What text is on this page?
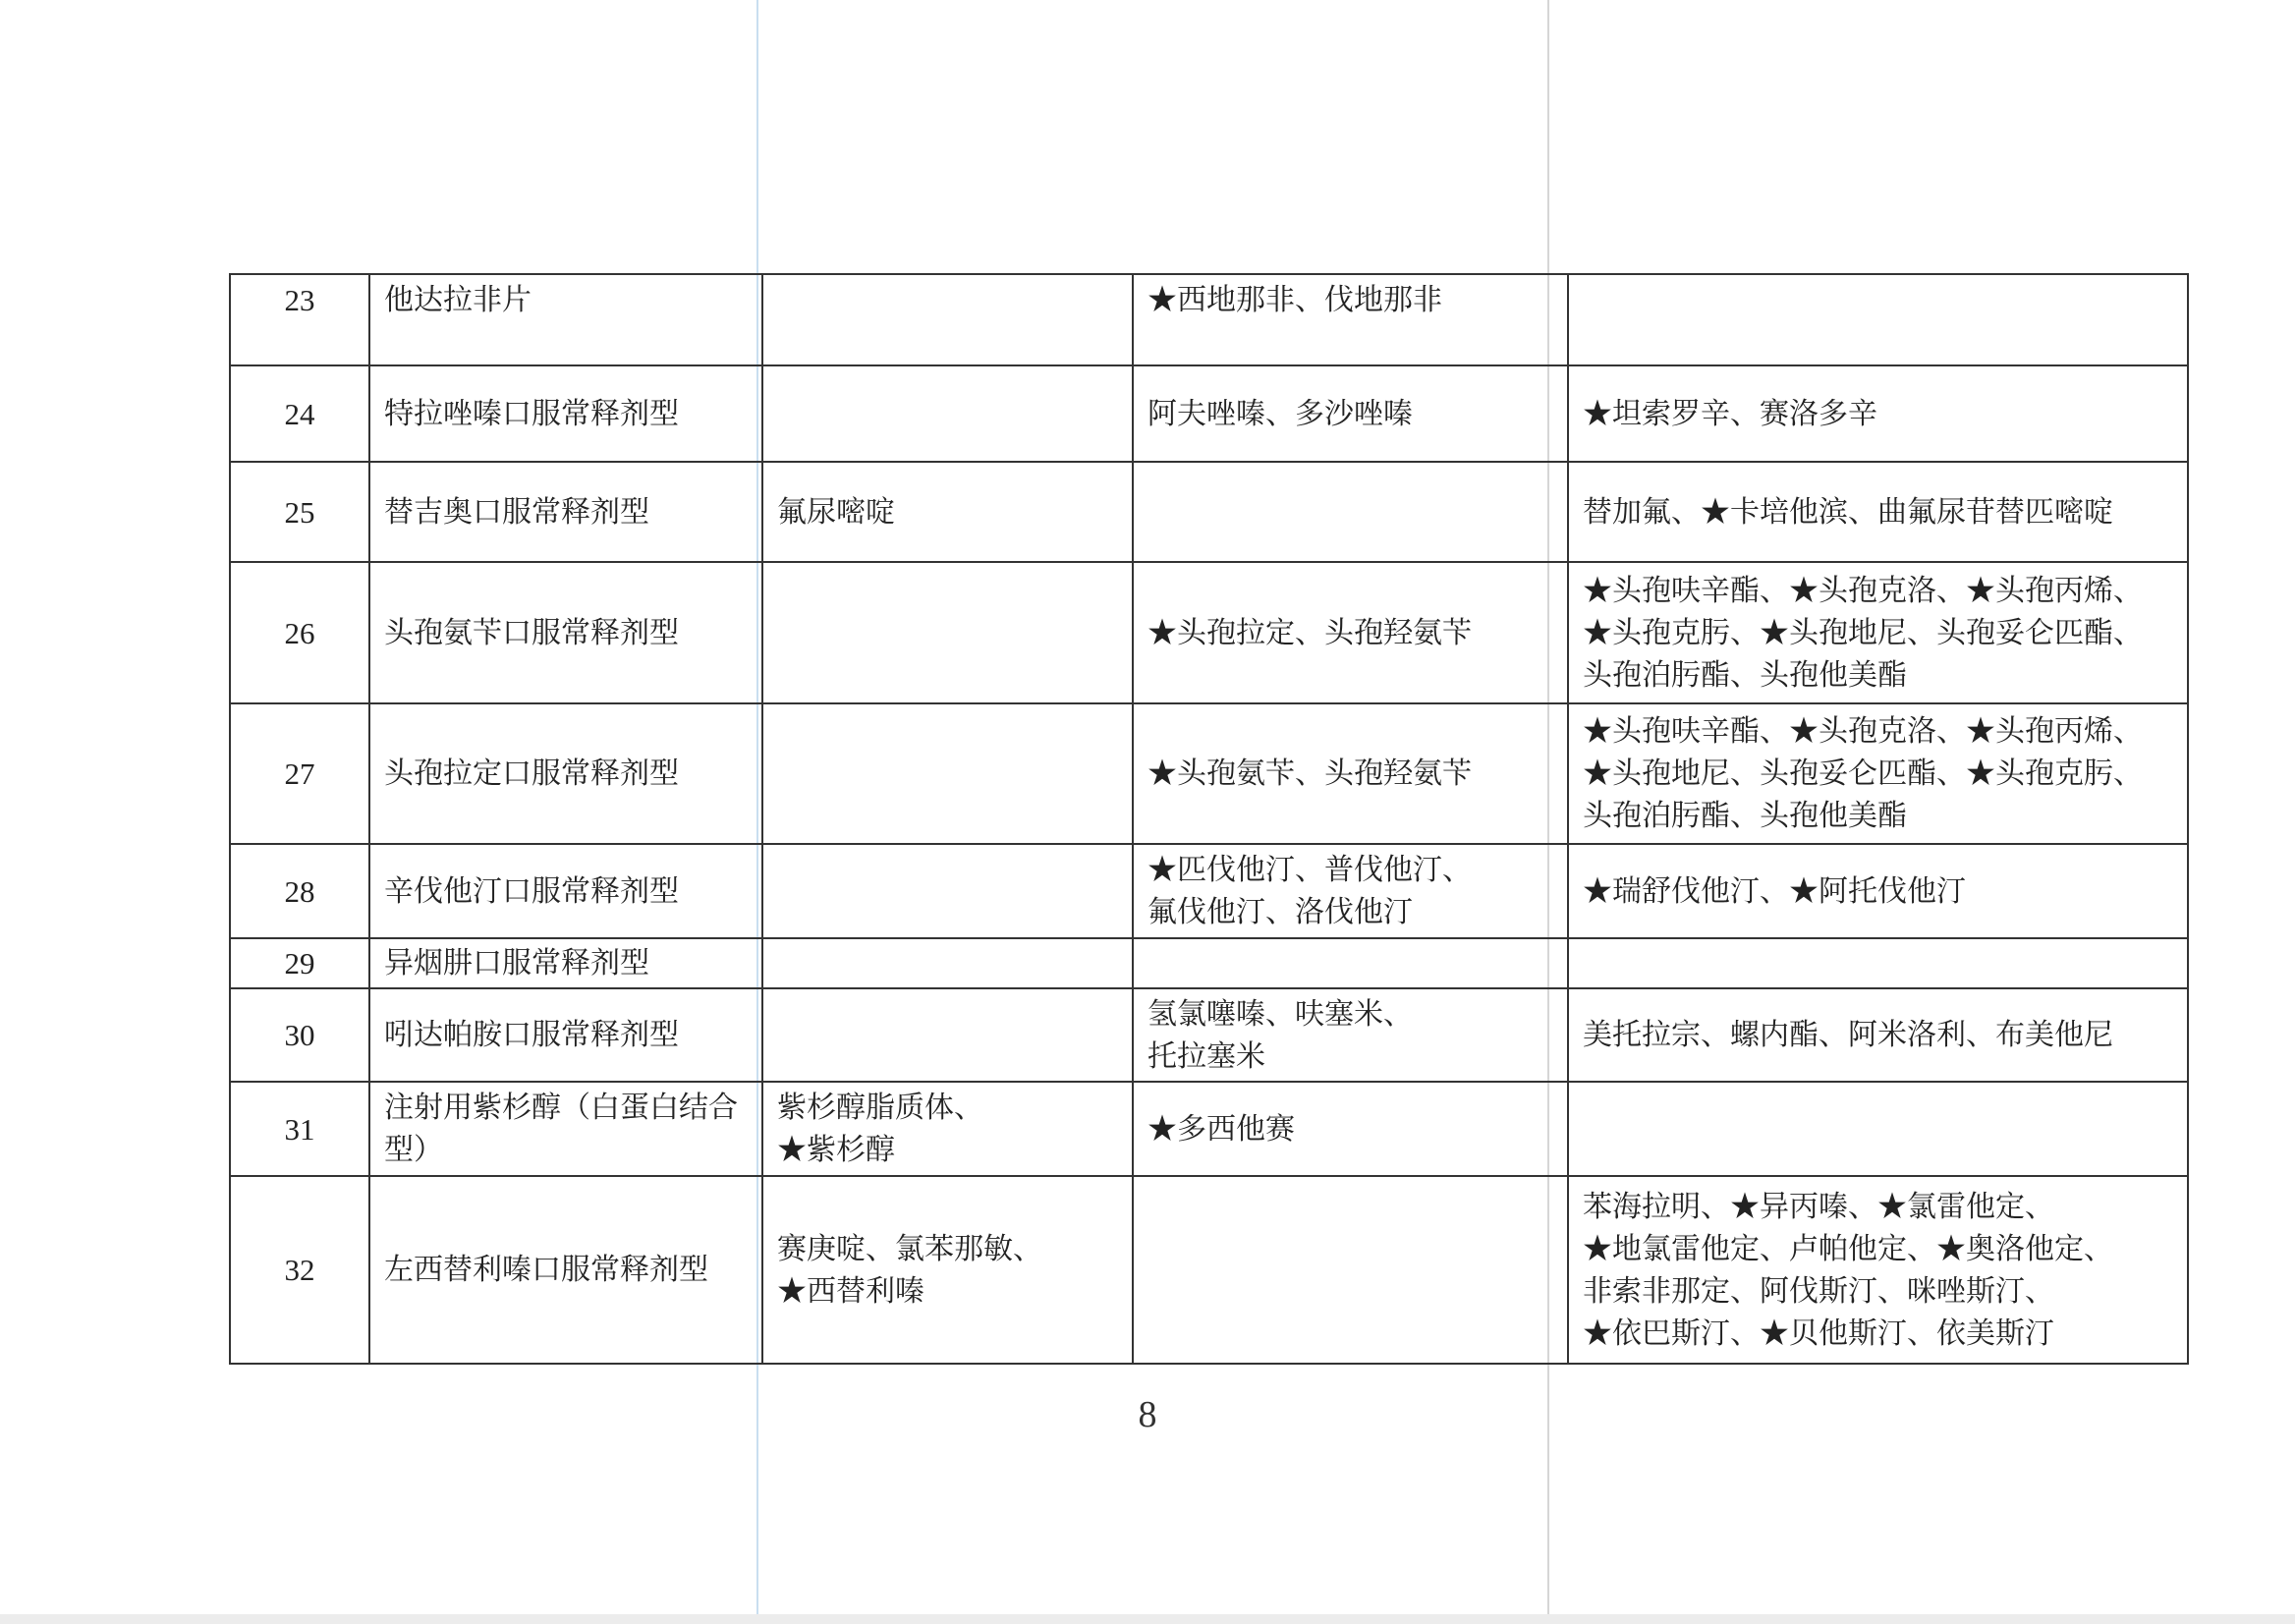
23	他达拉非片		★西地那非、伐地那非	

24	特拉唑嗪口服常释剂型		阿夫唑嗪、多沙唑嗪	★坦索罗辛、赛洛多辛

25	替吉奥口服常释剂型	氟尿嘧啶		替加氟、★卡培他滨、曲氟尿苷替匹嘧啶

26	头孢氨苄口服常释剂型		★头孢拉定、头孢羟氨苄	★头孢呋辛酯、★头孢克洛、★头孢丙烯、
★头孢克肟、★头孢地尼、头孢妥仑匹酯、
头孢泊肟酯、头孢他美酯

27	头孢拉定口服常释剂型		★头孢氨苄、头孢羟氨苄	★头孢呋辛酯、★头孢克洛、★头孢丙烯、
★头孢地尼、头孢妥仑匹酯、★头孢克肟、
头孢泊肟酯、头孢他美酯

28	辛伐他汀口服常释剂型		★匹伐他汀、普伐他汀、
氟伐他汀、洛伐他汀	★瑞舒伐他汀、★阿托伐他汀

29	异烟肼口服常释剂型			

30	吲达帕胺口服常释剂型		氢氯噻嗪、呋塞米、
托拉塞米	美托拉宗、螺内酯、阿米洛利、布美他尼

31	注射用紫杉醇（白蛋白结合
型）	紫杉醇脂质体、
★紫杉醇	★多西他赛	

32	左西替利嗪口服常释剂型	赛庚啶、氯苯那敏、
★西替利嗪		苯海拉明、★异丙嗪、★氯雷他定、
★地氯雷他定、卢帕他定、★奥洛他定、
非索非那定、阿伐斯汀、咪唑斯汀、
★依巴斯汀、★贝他斯汀、依美斯汀
8
